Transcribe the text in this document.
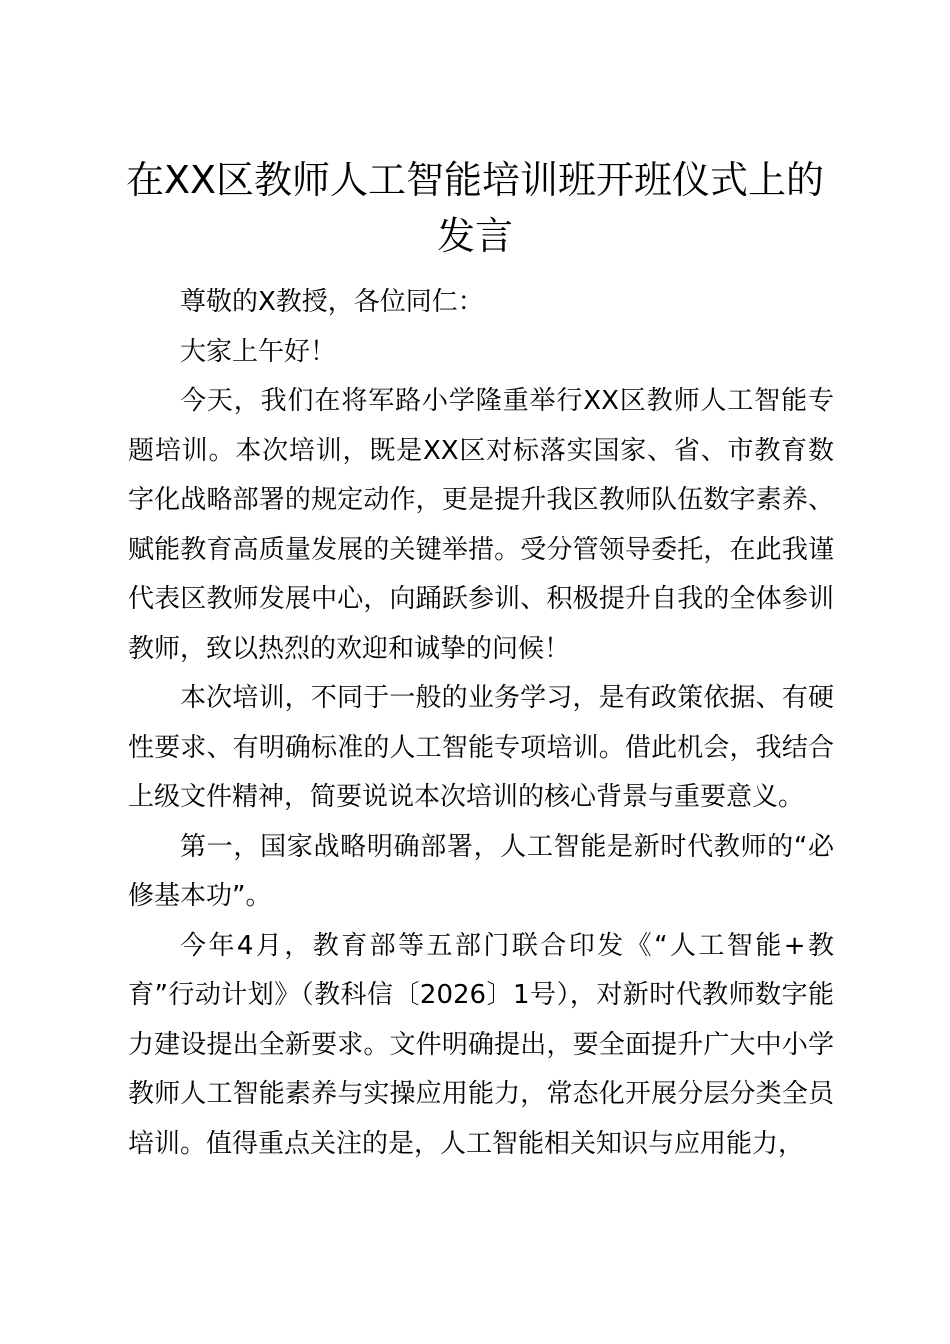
在XX区教师人工智能培训班开班仪式上的发言

尊敬的X教授，各位同仁：

大家上午好！

今天，我们在将军路小学隆重举行XX区教师人工智能专题培训。本次培训，既是XX区对标落实国家、省、市教育数字化战略部署的规定动作，更是提升我区教师队伍数字素养、赋能教育高质量发展的关键举措。受分管领导委托，在此我谨代表区教师发展中心，向踊跃参训、积极提升自我的全体参训教师，致以热烈的欢迎和诚挚的问候！

本次培训，不同于一般的业务学习，是有政策依据、有硬性要求、有明确标准的人工智能专项培训。借此机会，我结合上级文件精神，简要说说本次培训的核心背景与重要意义。

第一，国家战略明确部署，人工智能是新时代教师的“必修基本功”。

今年4月，教育部等五部门联合印发《“人工智能+教育”行动计划》（教科信〔2026〕1号），对新时代教师数字能力建设提出全新要求。文件明确提出，要全面提升广大中小学教师人工智能素养与实操应用能力，常态化开展分层分类全员培训。值得重点关注的是，人工智能相关知识与应用能力，
